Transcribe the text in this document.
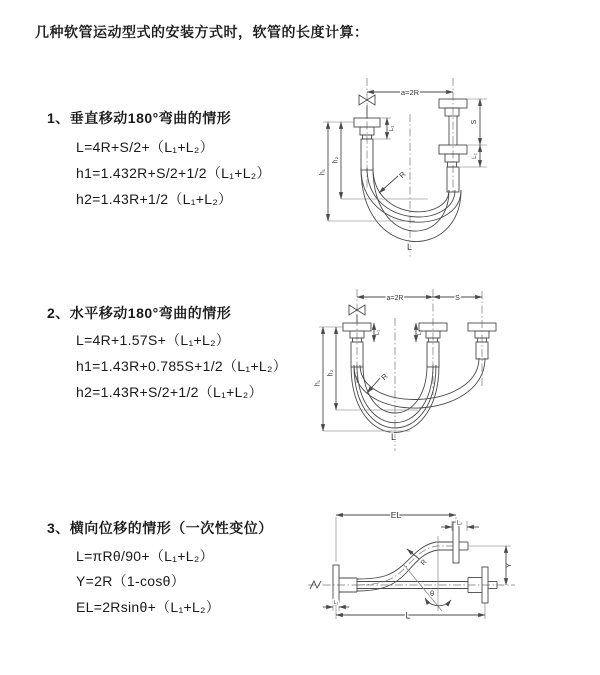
几种软管运动型式的安装方式时，软管的长度计算：
1、垂直移动180°弯曲的情形
L=4R+S/2+（L₁+L₂）
h1=1.432R+S/2+1/2（L₁+L₂）
h2=1.43R+1/2（L₁+L₂）
2、水平移动180°弯曲的情形
L=4R+1.57S+（L₁+L₂）
h1=1.43R+0.785S+1/2（L₁+L₂）
h2=1.43R+S/2+1/2（L₁+L₂）
3、横向位移的情形（一次性变位）
L=πRθ/90+（L₁+L₂）
Y=2R（1-cosθ）
EL=2Rsinθ+（L₁+L₂）
a=2R
L₁
S
L₂
h₁
h₂
R
L
a=2R	S
L₁	L₂
h₁
h₂	R
L
EL
L₂
Y
θ
R
L₁
L
